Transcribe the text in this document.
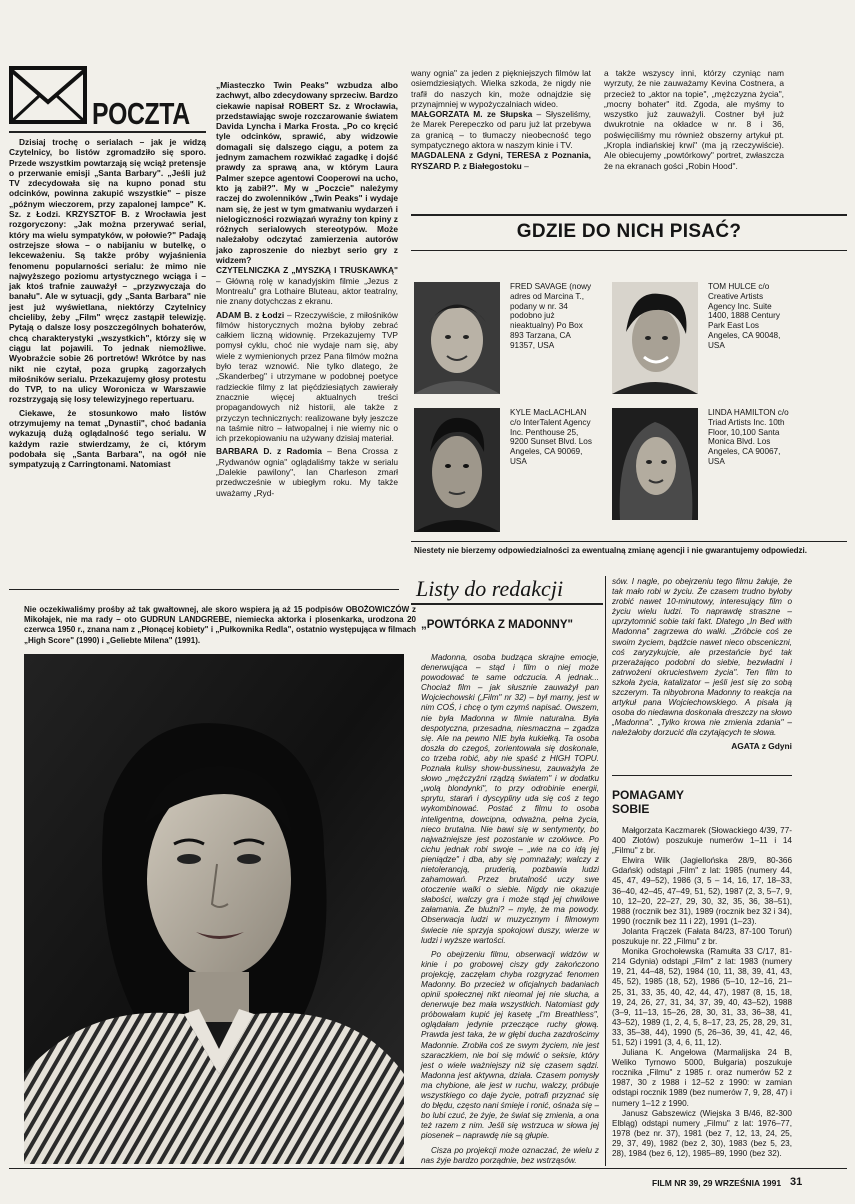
POCZTA

Dzisiaj trochę o serialach – jak je widzą Czytelnicy, bo listów zgromadziło się sporo. Przede wszystkim powtarzają się wciąż pretensje o przerwanie emisji „Santa Barbary". „Jeśli już TV zdecydowała się na kupno ponad stu odcinków, powinna zakupić wszystkie" – pisze „późnym wieczorem, przy zapalonej lampce" K. Sz. z Łodzi. KRZYSZTOF B. z Wrocławia jest rozgoryczony: „Jak można przerywać serial, który ma wielu sympatyków, w połowie?" Padają ostrzejsze słowa – o nabijaniu w butelkę, o lekceważeniu. Są także próby wyjaśnienia fenomenu popularności serialu: że mimo nie najwyższego poziomu artystycznego wciąga i – jak ktoś trafnie zauważył – „przyzwyczaja do banału". Ale w sytuacji, gdy „Santa Barbara" nie jest już wyświetlana, niektórzy Czytelnicy chcieliby, żeby „Film" wręcz zastąpił telewizję. Pytają o dalsze losy poszczególnych bohaterów, chcą charakterystyki „wszystkich", którzy się w ciągu lat pojawili. To jednak niemożliwe. Wyobraźcie sobie 26 portretów! Wkrótce by nas nikt nie czytał, poza grupką zagorzałych miłośników serialu. Przekazujemy głosy protestu do TVP, to na ulicy Woronicza w Warszawie rozstrzygają się losy telewizyjnego repertuaru.

Ciekawe, że stosunkowo mało listów otrzymujemy na temat „Dynastii", choć badania wykazują dużą oglądalność tego serialu. W każdym razie stwierdzamy, że ci, którym podobała się „Santa Barbara", na ogół nie sympatyzują z Carringtonami. Natomiast

„Miasteczko Twin Peaks" wzbudza albo zachwyt, albo zdecydowany sprzeciw. Bardzo ciekawie napisał ROBERT Sz. z Wrocławia, przedstawiając swoje rozczarowanie światem Davida Lyncha i Marka Frosta. „Po co kręcić tyle odcinków, sprawić, aby widzowie domagali się dalszego ciągu, a potem za jednym zamachem rozwikłać zagadkę i dojść prawdy za sprawą ana, w którym Laura Palmer szepce agentowi Cooperowi na ucho, kto ją zabił?". My w „Poczcie" należymy raczej do zwolenników „Twin Peaks" i wydaje nam się, że jest w tym gmatwaniu wydarzeń i nielogiczności rozwiązań wyraźny ton kpiny z różnych serialowych stereotypów. Może należałoby odczytać zamierzenia autorów jako zaproszenie do niezbyt serio gry z widzem?

CZYTELNICZKA Z „MYSZKĄ I TRUSKAWKĄ" – Główną rolę w kanadyjskim filmie „Jezus z Montrealu" gra Lothaire Bluteau, aktor teatralny, nie znany dotychczas z ekranu.

ADAM B. z Łodzi – Rzeczywiście, z miłośników filmów historycznych można byłoby zebrać całkiem liczną widownię. Przekazujemy TVP pomysł cyklu, choć nie wydaje nam się, aby wiele z wymienionych przez Pana filmów można było teraz wznowić. Nie tylko dlatego, że „Skanderbeg" i utrzymane w podobnej poetyce radzieckie filmy z lat pięćdziesiątych zawierały znacznie więcej aktualnych treści propagandowych niż historii, ale także z przyczyn technicznych: realizowane były jeszcze na taśmie nitro – łatwopalnej i nie wiemy nic o ich przekopiowaniu na używany dzisiaj materiał.

BARBARA D. z Radomia – Bena Crossa z „Rydwanów ognia" oglądaliśmy także w serialu „Dalekie pawilony", Ian Charleson zmarł przedwcześnie w ubiegłym roku. My także uważamy „Ryd-

wany ognia" za jeden z piękniejszych filmów lat osiemdziesiątych. Wielka szkoda, że nigdy nie trafił do naszych kin, może odnajdzie się przynajmniej w wypożyczalniach wideo.

MAŁGORZATA M. ze Słupska – Słyszeliśmy, że Marek Perepeczko od paru już lat przebywa za granicą – to tłumaczy nieobecność tego sympatycznego aktora w naszym kinie i TV.

MAGDALENA z Gdyni, TERESA z Poznania, RYSZARD P. z Białegostoku –

a także wszyscy inni, którzy czyniąc nam wyrzuty, że nie zauważamy Kevina Costnera, a przecież to „aktor na topie", „mężczyzna życia", „mocny bohater" itd. Zgoda, ale myśmy to wszystko już zauważyli. Costner był już dwukrotnie na okładce w nr. 8 i 36, poświęciliśmy mu również obszerny artykuł pt. „Kropla indiańskiej krwi" (ma ją rzeczywiście). Ale obiecujemy „powtórkowy" portret, zwłaszcza że na ekranach gości „Robin Hood".

GDZIE DO NICH PISAĆ?
FRED SAVAGE (nowy adres od Marcina T., podany w nr. 34 podobno już nieaktualny) Po Box 893 Tarzana, CA 91357, USA
TOM HULCE c/o Creative Artists Agency Inc. Suite 1400, 1888 Century Park East Los Angeles, CA 90048, USA
KYLE MacLACHLAN c/o InterTalent Agency Inc. Penthouse 25, 9200 Sunset Blvd. Los Angeles, CA 90069, USA
LINDA HAMILTON c/o Triad Artists Inc. 10th Floor, 10,100 Santa Monica Blvd. Los Angeles, CA 90067, USA
Niestety nie bierzemy odpowiedzialności za ewentualną zmianę agencji i nie gwarantujemy odpowiedzi.
Nie oczekiwaliśmy prośby aż tak gwałtownej, ale skoro wspiera ją aż 15 podpisów OBOŻOWICZÓW z Mikołajek, nie ma rady – oto GUDRUN LANDGREBE, niemiecka aktorka i plosenkarka, urodzona 20 czerwca 1950 r., znana nam z „Płonącej kobiety" i „Pułkownika Redla", ostatnio występująca w filmach „High Score" (1990) i „Geliebte Milena" (1991).
Listy do redakcji
„POWTÓRKA Z MADONNY"

Madonna, osoba budząca skrajne emocje, denerwująca – stąd i film o niej może powodować te same odczucia. A jednak... Chociaż film – jak słusznie zauważył pan Wojciechowski („Film" nr 32) – był marny, jest w nim COŚ, i chcę o tym czymś napisać. Owszem, nie była Madonna w filmie naturalna. Była despotyczna, przesadna, niesmaczna – zgadza się. Ale na pewno NIE była kukiełką. Ta osoba doszła do czegoś, zorientowała się doskonale, co trzeba robić, aby nie spaść z HIGH TOPU. Poznała kulisy show-bussinesu, zauważyła że słowo „mężczyźni rządzą światem" i w dodatku „wolą blondynki", to przy odrobinie energii, sprytu, starań i dyscypliny uda się coś z tego wykombinować. Postać z filmu to osoba inteligentna, dowcipna, odważna, pełna życia, nieco brutalna. Nie bawi się w sentymenty, bo najważniejsze jest pozostanie w czołówce. Po cichu jednak robi swoje – „wie na co idą jej pieniądze" i dba, aby się pomnażały; walczy z nietolerancją, pruderią, pozbawia ludzi zahamowań. Przez brutalność uczy swe otoczenie walki o siebie. Nigdy nie okazuje słabości, walczy gra i może stąd jej chwilowe załamania. Że bluźni? – mylę, że ma powody. Obserwacja ludzi w muzycznym i filmowym świecie nie sprzyja spokojowi duszy, wierze w ludzi i wyższe wartości.

Po obejrzeniu filmu, obserwacji widzów w kinie i po grobowej ciszy gdy zakończono projekcję, zaczęłam chyba rozgryzać fenomen Madonny. Bo przecież w oficjalnych badaniach opinii społecznej nikt nieomal jej nie słucha, a denerwuje bez mała wszystkich. Natomiast gdy próbowałam kupić jej kasetę „I'm Breathless", oglądałam jedynie przeczące ruchy głową. Prawda jest taka, że w głębi ducha zazdrościmy Madonnie. Zrobiła coś ze swym życiem, nie jest szaraczkiem, nie boi się mówić o seksie, który jest o wiele ważniejszy niż się czasem sądzi. Madonna jest aktywna, działa. Czasem pomysły ma chybione, ale jest w ruchu, walczy, próbuje wszystkiego co daje życie, potrafi przyznać się do błędu, często nani śmieje i ronić, ośnaża się – bo lubi czuć, że żyje, że świat się zmienia, a ona też razem z nim. Jeśli się wstrzuca w słowa jej piosenek – naprawdę nie są głupie.

Cisza po projekcji może oznaczać, że wielu z nas żyje bardzo porządnie, bez wstrząsów.

sów. I nagle, po obejrzeniu tego filmu żałuje, że tak mało robi w życiu. Że czasem trudno byłoby zrobić nawet 10-minutowy, interesujący film o życiu wielu ludzi. To naprawdę straszne – uprzytomnić sobie taki fakt. Dlatego „In Bed with Madonna" zagrzewa do walki. „Zróbcie coś ze swoim życiem, bądźcie nawet nieco obsceniczni, coś zaryzykujcie, ale przestańcie być tak przerażająco podobni do siebie, bezwładni i zatrwożeni okruciestwem życia". Ten film to szkoła życia, katalizator – jeśli jest się zo sobą szczerym. Ta nibyobrona Madonny to reakcja na artykuł pana Wojciechowskiego. A pisała ją osoba do niedawna doskonała dreszczy na słowo „Madonna". „Tylko krowa nie zmienia zdania" – należałoby dorzucić dla czytających te słowa.

AGATA z Gdyni

POMAGAMY SOBIE

Małgorzata Kaczmarek (Słowackiego 4/39, 77-400 Złotów) poszukuje numerów 1–11 i 14 „Filmu" z br.

Elwira Wilk (Jagiellońska 28/9, 80-366 Gdańsk) odstąpi „Film" z lat: 1985 (numery 44, 45, 47, 49–52), 1986 (3, 5 – 14, 16, 17, 18–33, 36–40, 42–45, 47–49, 51, 52), 1987 (2, 3, 5–7, 9, 10, 12–20, 22–27, 29, 30, 32, 35, 36, 38–51), 1988 (rocznik bez 31), 1989 (rocznik bez 32 i 34), 1990 (rocznik bez 11 i 22), 1991 (1–23).

Jolanta Frączek (Fałata 84/23, 87-100 Toruń) poszukuje nr. 22 „Filmu" z br.

Monika Grochołewska (Ramułta 33 C/17, 81-214 Gdynia) odstąpi „Film" z lat: 1983 (numery 19, 21, 44–48, 52), 1984 (10, 11, 38, 39, 41, 43, 45, 52), 1985 (18, 52), 1986 (5–10, 12–16, 21–25, 31, 33, 35, 40, 42, 44, 47), 1987 (8, 15, 18, 19, 24, 26, 27, 31, 34, 37, 39, 40, 43–52), 1988 (3–9, 11–13, 15–26, 28, 30, 31, 33, 36–38, 41, 43–52), 1989 (1, 2, 4, 5, 8–17, 23, 25, 28, 29, 31, 33, 35–38, 44), 1990 (5, 26–36, 39, 41, 42, 46, 51, 52) i 1991 (3, 4, 6, 11, 12).

Juliana K. Angełowa (Marmalijska 24 B, Weliko Tyrnowo 5000, Bułgaria) poszukuje rocznika „Filmu" z 1985 r. oraz numerów 52 z 1987, 30 z 1988 i 12–52 z 1990: w zamian odstąpi rocznik 1989 (bez numerów 7, 9, 28, 47) i numery 1–12 z 1990.

Janusz Gabszewicz (Wiejska 3 B/46, 82-300 Elbląg) odstąpi numery „Filmu" z lat: 1976–77, 1978 (bez nr. 37), 1981 (bez 7, 12, 13, 24, 25, 29, 37, 49), 1982 (bez 2, 30), 1983 (bez 5, 23, 28), 1984 (bez 6, 12), 1985–89, 1990 (bez 32).

FILM NR 39, 29 WRZEŚNIA 1991 31
